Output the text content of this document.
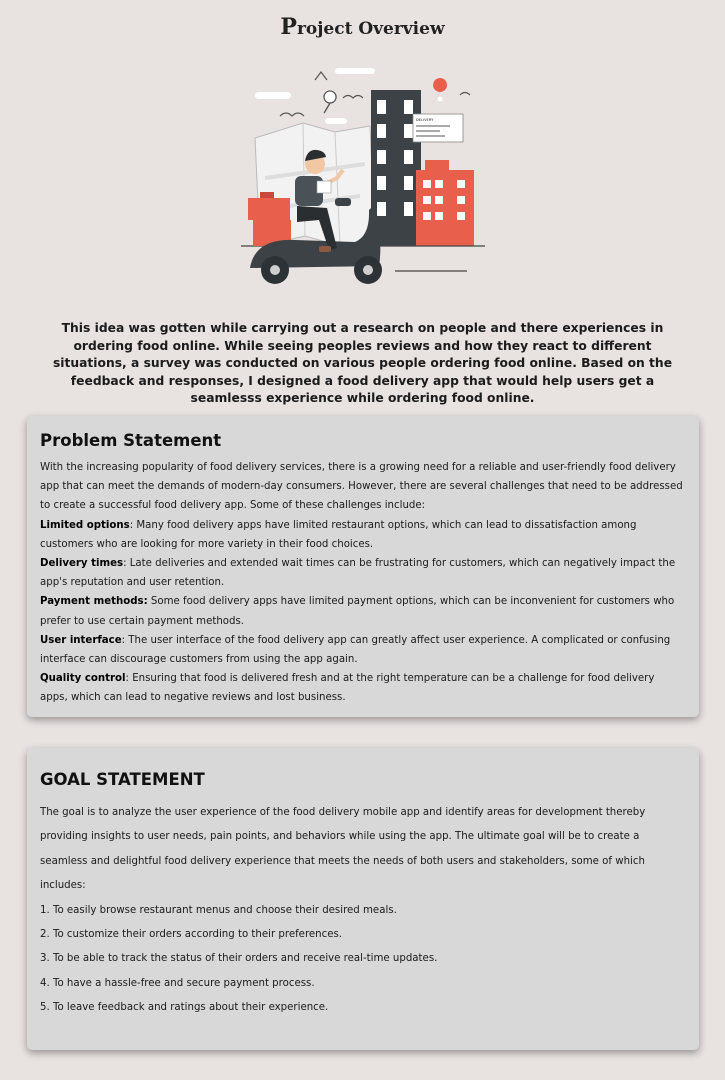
Project Overview
DELIVERY

This idea was gotten while carrying out a research on people and there experiences in ordering food online. While seeing peoples reviews and how they react to different situations, a survey was conducted on various people ordering food online. Based on the feedback and responses, I designed a food delivery app that would help users get a seamlesss experience while ordering food online.

Problem Statement

With the increasing popularity of food delivery services, there is a growing need for a reliable and user-friendly food delivery app that can meet the demands of modern-day consumers. However, there are several challenges that need to be addressed to create a successful food delivery app. Some of these challenges include:

Limited options: Many food delivery apps have limited restaurant options, which can lead to dissatisfaction among customers who are looking for more variety in their food choices.

Delivery times: Late deliveries and extended wait times can be frustrating for customers, which can negatively impact the app's reputation and user retention.

Payment methods: Some food delivery apps have limited payment options, which can be inconvenient for customers who prefer to use certain payment methods.

User interface: The user interface of the food delivery app can greatly affect user experience. A complicated or confusing interface can discourage customers from using the app again.

Quality control: Ensuring that food is delivered fresh and at the right temperature can be a challenge for food delivery apps, which can lead to negative reviews and lost business.

GOAL STATEMENT

The goal is to analyze the user experience of the food delivery mobile app and identify areas for development thereby providing insights to user needs, pain points, and behaviors while using the app. The ultimate goal will be to create a seamless and delightful food delivery experience that meets the needs of both users and stakeholders, some of which includes:

1. To easily browse restaurant menus and choose their desired meals.

2. To customize their orders according to their preferences.

3. To be able to track the status of their orders and receive real-time updates.

4. To have a hassle-free and secure payment process.

5. To leave feedback and ratings about their experience.
